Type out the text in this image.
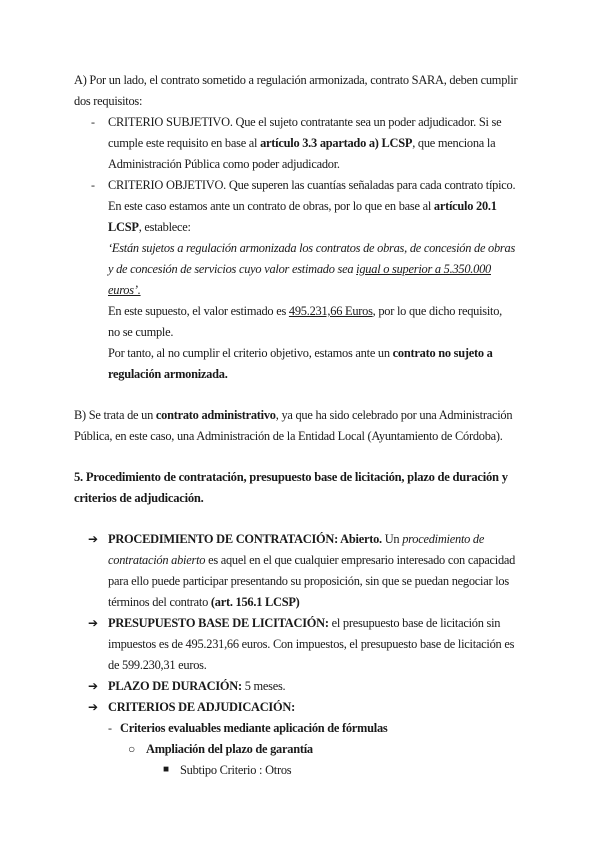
A) Por un lado, el contrato sometido a regulación armonizada, contrato SARA, deben cumplir
dos requisitos:
- CRITERIO SUBJETIVO. Que el sujeto contratante sea un poder adjudicador. Si se
cumple este requisito en base al artículo 3.3 apartado a) LCSP, que menciona la
Administración Pública como poder adjudicador.
- CRITERIO OBJETIVO. Que superen las cuantías señaladas para cada contrato típico.
En este caso estamos ante un contrato de obras, por lo que en base al artículo 20.1
LCSP, establece:
‘Están sujetos a regulación armonizada los contratos de obras, de concesión de obras
y de concesión de servicios cuyo valor estimado sea igual o superior a 5.350.000
euros’.
En este supuesto, el valor estimado es 495.231,66 Euros, por lo que dicho requisito,
no se cumple.
Por tanto, al no cumplir el criterio objetivo, estamos ante un contrato no sujeto a
regulación armonizada.
B) Se trata de un contrato administrativo, ya que ha sido celebrado por una Administración
Pública, en este caso, una Administración de la Entidad Local (Ayuntamiento de Córdoba).
5. Procedimiento de contratación, presupuesto base de licitación, plazo de duración y
criterios de adjudicación.
➔ PROCEDIMIENTO DE CONTRATACIÓN: Abierto. Un procedimiento de
contratación abierto es aquel en el que cualquier empresario interesado con capacidad
para ello puede participar presentando su proposición, sin que se puedan negociar los
términos del contrato (art. 156.1 LCSP)
➔ PRESUPUESTO BASE DE LICITACIÓN: el presupuesto base de licitación sin
impuestos es de 495.231,66 euros. Con impuestos, el presupuesto base de licitación es
de 599.230,31 euros.
➔ PLAZO DE DURACIÓN: 5 meses.
➔ CRITERIOS DE ADJUDICACIÓN:
- Criterios evaluables mediante aplicación de fórmulas
○ Ampliación del plazo de garantía
■ Subtipo Criterio : Otros
